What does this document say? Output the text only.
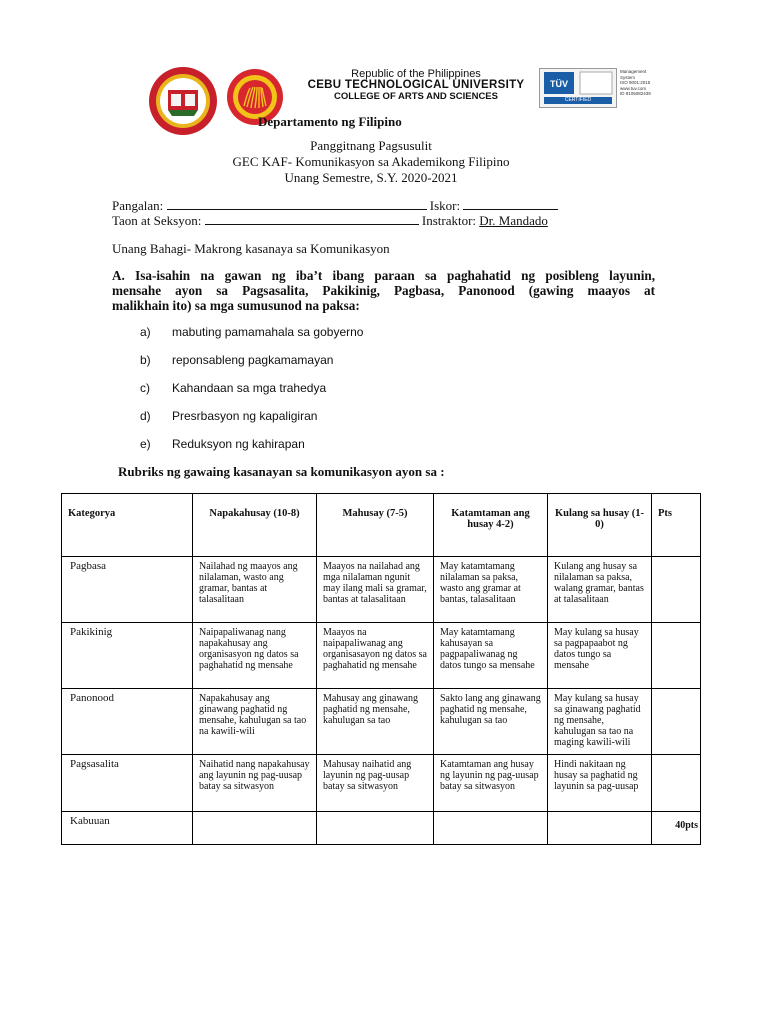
Republic of the Philippines
CEBU TECHNOLOGICAL UNIVERSITY
COLLEGE OF ARTS AND SCIENCES
TÜV
CERTIFIED
Management
System
ISO 9001:2015
www.tuv.com
ID 9105082439
Departamento ng Filipino
Panggitnang Pagsusulit
GEC KAF- Komunikasyon sa Akademikong Filipino
Unang Semestre, S.Y. 2020-2021
Pangalan:	Iskor:
Taon at Seksyon:	Instraktor: Dr. Mandado
Unang Bahagi- Makrong kasanaya sa Komunikasyon
A. Isa-isahin na gawan ng iba’t ibang paraan sa paghahatid ng posibleng layunin,
mensahe ayon sa Pagsasalita, Pakikinig, Pagbasa, Panonood (gawing maayos at
malikhain ito) sa mga sumusunod na paksa:
a) mabuting pamamahala sa gobyerno
b) reponsableng pagkamamayan
c) Kahandaan sa mga trahedya
d) Presrbasyon ng kapaligiran
e) Reduksyon ng kahirapan
Rubriks ng gawaing kasanayan sa komunikasyon ayon sa :
Kategorya	Napakahusay (10-8)	Mahusay (7-5)	Katamtaman ang husay 4-2)	Kulang sa husay (1-0)	Pts
Pagbasa	Nailahad ng maayos ang nilalaman, wasto ang gramar, bantas at talasalitaan	Maayos na nailahad ang mga nilalaman ngunit may ilang mali sa gramar, bantas at talasalitaan	May katamtamang nilalaman sa paksa, wasto ang gramar at bantas, talasalitaan	Kulang ang husay sa nilalaman sa paksa, walang gramar, bantas at talasalitaan	
Pakikinig	Naipapaliwanag nang napakahusay ang organisasyon ng datos sa paghahatid ng mensahe	Maayos na naipapaliwanag ang organisasayon ng datos sa paghahatid ng mensahe	May katamtamang kahusayan sa pagpapaliwanag ng datos tungo sa mensahe	May kulang sa husay sa pagpapaabot ng datos tungo sa mensahe	
Panonood	Napakahusay ang ginawang paghatid ng mensahe, kahulugan sa tao na kawili-wili	Mahusay ang ginawang paghatid ng mensahe, kahulugan sa tao	Sakto lang ang ginawang paghatid ng mensahe, kahulugan sa tao	May kulang sa husay sa ginawang paghatid ng mensahe, kahulugan sa tao na maging kawili-wili	
Pagsasalita	Naihatid nang napakahusay ang layunin ng pag-uusap batay sa sitwasyon	Mahusay naihatid ang layunin ng pag-uusap batay sa sitwasyon	Katamtaman ang husay ng layunin ng pag-uusap batay sa sitwasyon	Hindi nakitaan ng husay sa paghatid ng layunin sa pag-uusap	
Kabuuan					40pts
